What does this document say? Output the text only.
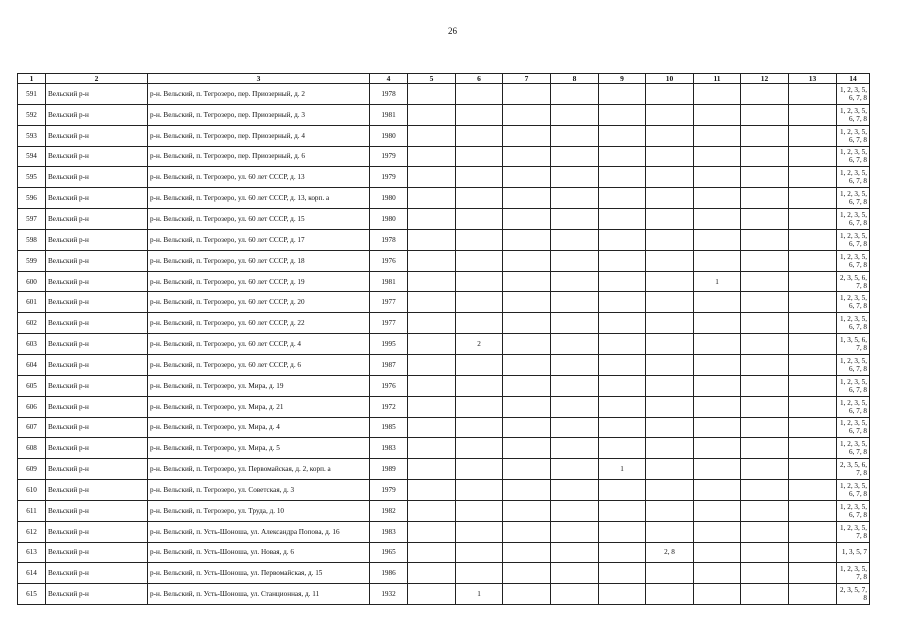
26
1	2	3	4	5	6	7	8	9	10	11	12	13	14
591	Вельский р-н	р-н. Вельский, п. Тегрозеро, пер. Приозерный, д. 2	1978										1, 2, 3, 5, 6, 7, 8
592	Вельский р-н	р-н. Вельский, п. Тегрозеро, пер. Приозерный, д. 3	1981										1, 2, 3, 5, 6, 7, 8
593	Вельский р-н	р-н. Вельский, п. Тегрозеро, пер. Приозерный, д. 4	1980										1, 2, 3, 5, 6, 7, 8
594	Вельский р-н	р-н. Вельский, п. Тегрозеро, пер. Приозерный, д. 6	1979										1, 2, 3, 5, 6, 7, 8
595	Вельский р-н	р-н. Вельский, п. Тегрозеро, ул. 60 лет СССР, д. 13	1979										1, 2, 3, 5, 6, 7, 8
596	Вельский р-н	р-н. Вельский, п. Тегрозеро, ул. 60 лет СССР, д. 13, корп. а	1980										1, 2, 3, 5, 6, 7, 8
597	Вельский р-н	р-н. Вельский, п. Тегрозеро, ул. 60 лет СССР, д. 15	1980										1, 2, 3, 5, 6, 7, 8
598	Вельский р-н	р-н. Вельский, п. Тегрозеро, ул. 60 лет СССР, д. 17	1978										1, 2, 3, 5, 6, 7, 8
599	Вельский р-н	р-н. Вельский, п. Тегрозеро, ул. 60 лет СССР, д. 18	1976										1, 2, 3, 5, 6, 7, 8
600	Вельский р-н	р-н. Вельский, п. Тегрозеро, ул. 60 лет СССР, д. 19	1981							1			2, 3, 5, 6, 7, 8
601	Вельский р-н	р-н. Вельский, п. Тегрозеро, ул. 60 лет СССР, д. 20	1977										1, 2, 3, 5, 6, 7, 8
602	Вельский р-н	р-н. Вельский, п. Тегрозеро, ул. 60 лет СССР, д. 22	1977										1, 2, 3, 5, 6, 7, 8
603	Вельский р-н	р-н. Вельский, п. Тегрозеро, ул. 60 лет СССР, д. 4	1995		2								1, 3, 5, 6, 7, 8
604	Вельский р-н	р-н. Вельский, п. Тегрозеро, ул. 60 лет СССР, д. 6	1987										1, 2, 3, 5, 6, 7, 8
605	Вельский р-н	р-н. Вельский, п. Тегрозеро, ул. Мира, д. 19	1976										1, 2, 3, 5, 6, 7, 8
606	Вельский р-н	р-н. Вельский, п. Тегрозеро, ул. Мира, д. 21	1972										1, 2, 3, 5, 6, 7, 8
607	Вельский р-н	р-н. Вельский, п. Тегрозеро, ул. Мира, д. 4	1985										1, 2, 3, 5, 6, 7, 8
608	Вельский р-н	р-н. Вельский, п. Тегрозеро, ул. Мира, д. 5	1983										1, 2, 3, 5, 6, 7, 8
609	Вельский р-н	р-н. Вельский, п. Тегрозеро, ул. Первомайская, д. 2, корп. а	1989					1					2, 3, 5, 6, 7, 8
610	Вельский р-н	р-н. Вельский, п. Тегрозеро, ул. Советская, д. 3	1979										1, 2, 3, 5, 6, 7, 8
611	Вельский р-н	р-н. Вельский, п. Тегрозеро, ул. Труда, д. 10	1982										1, 2, 3, 5, 6, 7, 8
612	Вельский р-н	р-н. Вельский, п. Усть-Шоноша, ул. Александра Попова, д. 16	1983										1, 2, 3, 5, 7, 8
613	Вельский р-н	р-н. Вельский, п. Усть-Шоноша, ул. Новая, д. 6	1965						2, 8				1, 3, 5, 7
614	Вельский р-н	р-н. Вельский, п. Усть-Шоноша, ул. Первомайская, д. 15	1986										1, 2, 3, 5, 7, 8
615	Вельский р-н	р-н. Вельский, п. Усть-Шоноша, ул. Станционная, д. 11	1932		1								2, 3, 5, 7, 8
